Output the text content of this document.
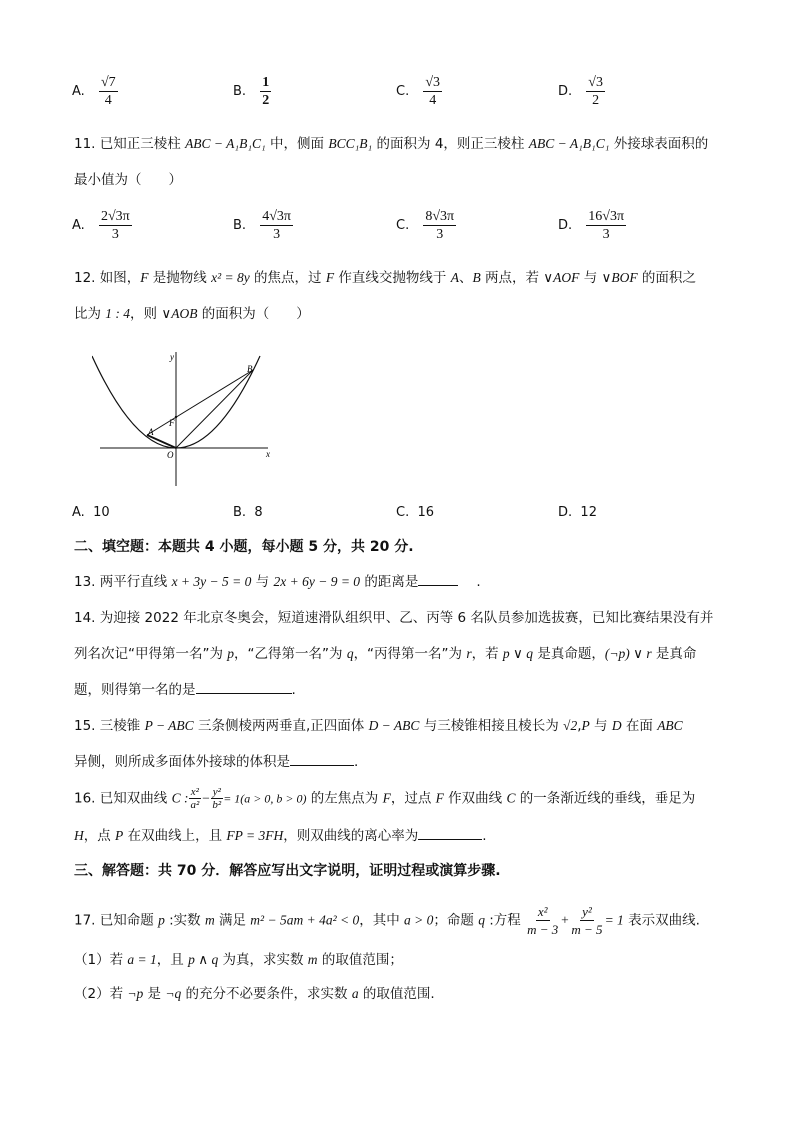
A. $\frac{√7}{4}$	B. $\frac{1}{2}$	C. $\frac{√3}{4}$	D. $\frac{√3}{2}$
11. 已知正三棱柱 ABC − A₁B₁C₁ 中，侧面 BCC₁B₁ 的面积为 4，则正三棱柱 ABC − A₁B₁C₁ 外接球表面积的
最小值为（　　）
A. $\frac{2√3\pi}{3}$	B. $\frac{4√3\pi}{3}$	C. $\frac{8√3\pi}{3}$	D. $\frac{16√3\pi}{3}$
12. 如图，F 是抛物线 x² = 8y 的焦点，过 F 作直线交抛物线于 A、B 两点，若 ∨AOF 与 ∨BOF 的面积之
比为 1 : 4，则 ∨AOB 的面积为（　　）
y
x
O
A
B
F
A. 10	B. 8	C. 16	D. 12
二、填空题：本题共 4 小题，每小题 5 分，共 20 分.
13. 两平行直线 x + 3y − 5 = 0 与 2x + 6y − 9 = 0 的距离是	.
14. 为迎接 2022 年北京冬奥会，短道速滑队组织甲、乙、丙等 6 名队员参加选拔赛，已知比赛结果没有并
列名次记“甲得第一名”为 p，“乙得第一名”为 q，“丙得第一名”为 r，若 p ∨ q 是真命题，(¬p) ∨ r 是真命
题，则得第一名的是	.
15. 三棱锥 P − ABC 三条侧棱两两垂直,正四面体 D − ABC 与三棱锥相接且棱长为 √2,P 与 D 在面 ABC
异侧，则所成多面体外接球的体积是	.
16. 已知双曲线 C : $\frac{\text{x²}}{\text{a²}} - \frac{\text{y²}}{\text{b²}} = 1(a > 0$, b > 0) 的左焦点为 F，过点 F 作双曲线 C 的一条渐近线的垂线，垂足为
H，点 P 在双曲线上，且 FP = 3FH，则双曲线的离心率为	.
三、解答题：共 70 分．解答应写出文字说明，证明过程或演算步骤.
17. 已知命题 p :实数 m 满足 m² − 5am + 4a² < 0，其中 a > 0；命题 q :方程 $\frac{\text{x²}}{m - 3} + \frac{\text{y²}}{m - 5} = 1$ 表示双曲线.
（1）若 a = 1，且 p ∧ q 为真，求实数 m 的取值范围；
（2）若 ¬p 是 ¬q 的充分不必要条件，求实数 a 的取值范围.
